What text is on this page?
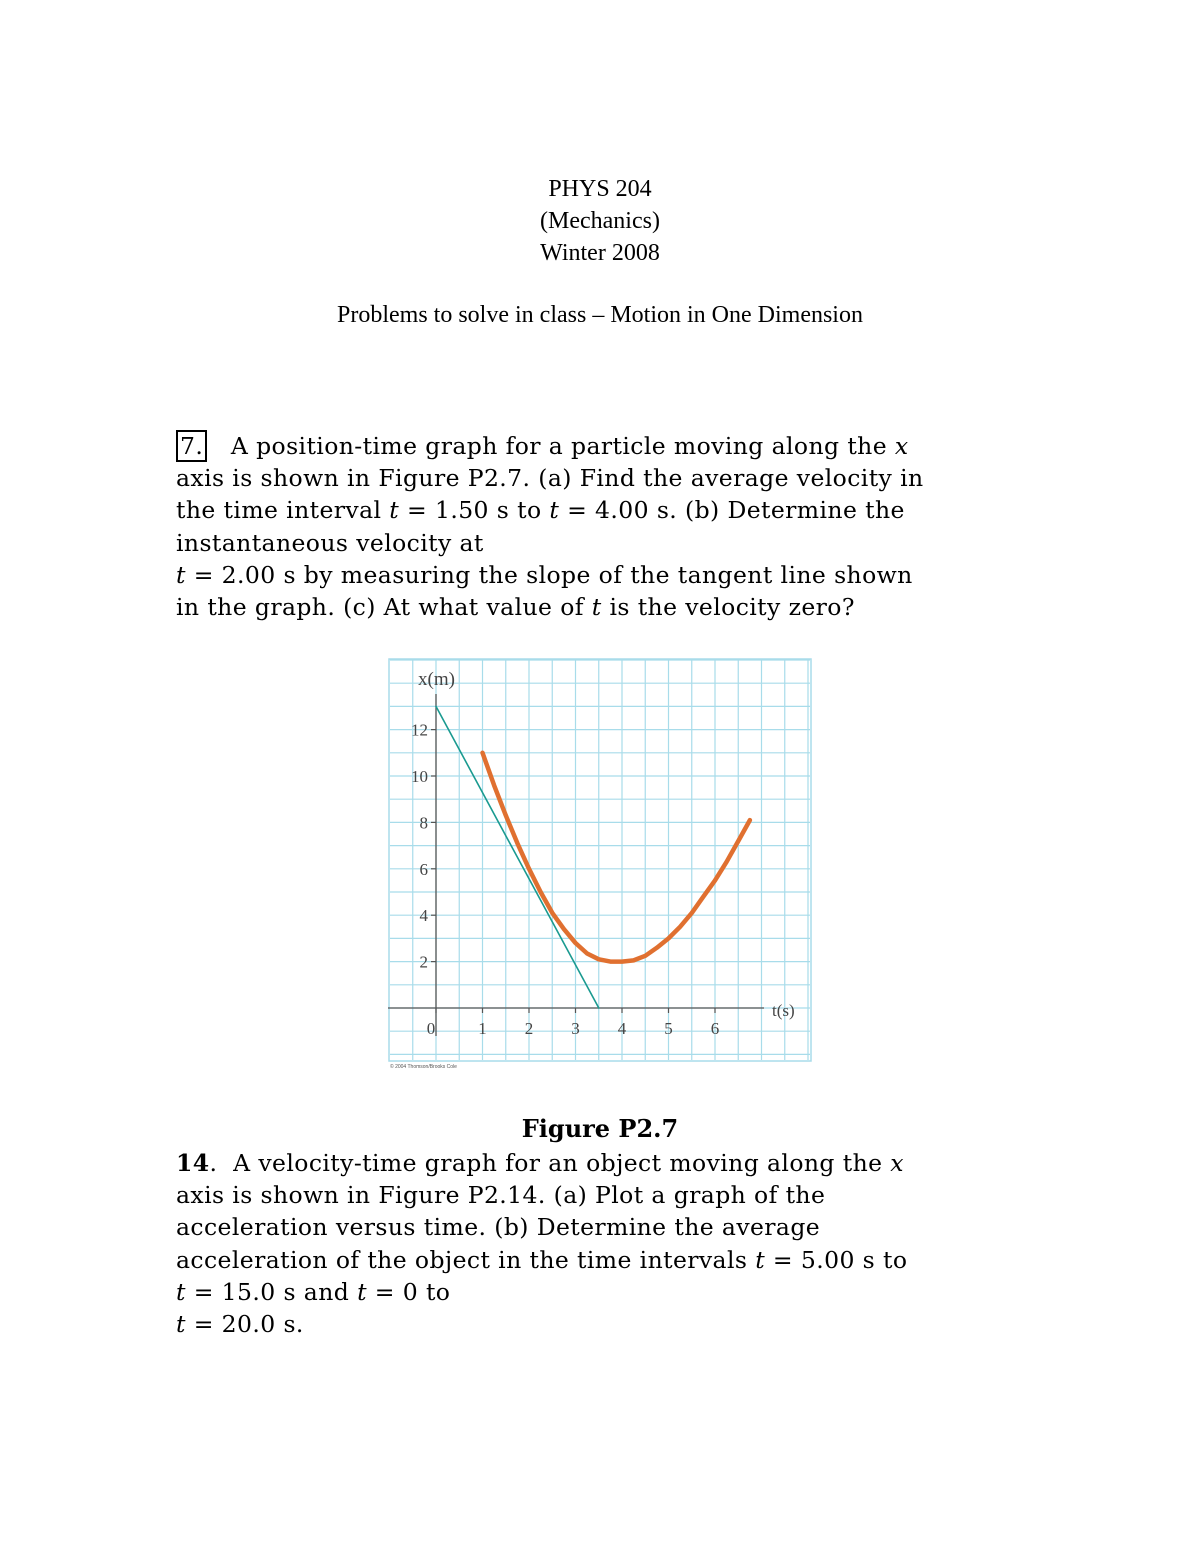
PHYS 204
(Mechanics)
Winter 2008
Problems to solve in class – Motion in One Dimension

7. A position-time graph for a particle moving along the x

axis is shown in Figure P2.7. (a) Find the average velocity in

the time interval t = 1.50 s to t = 4.00 s. (b) Determine the

instantaneous velocity at

t = 2.00 s by measuring the slope of the tangent line shown

in the graph. (c) At what value of t is the velocity zero?

2
4
6
8
10
12
0	1 2 3 4 5 6
x(m)
t(s)
© 2004 Thomson/Brooks Cole
Figure P2.7

14.  A velocity-time graph for an object moving along the x

axis is shown in Figure P2.14. (a) Plot a graph of the

acceleration versus time. (b) Determine the average

acceleration of the object in the time intervals t = 5.00 s to

t = 15.0 s and t = 0 to

t = 20.0 s.
